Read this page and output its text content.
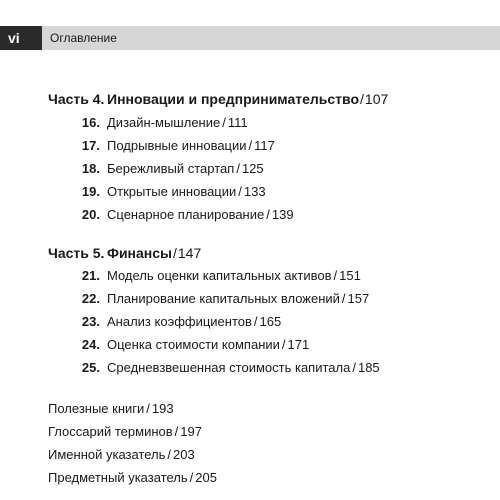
vi	Оглавление
Часть 4. Инновации и предпринимательство/107
16. Дизайн-мышление / 111
17. Подрывные инновации / 117
18. Бережливый стартап / 125
19. Открытые инновации / 133
20. Сценарное планирование / 139
Часть 5. Финансы/147
21. Модель оценки капитальных активов / 151
22. Планирование капитальных вложений / 157
23. Анализ коэффициентов / 165
24. Оценка стоимости компании / 171
25. Средневзвешенная стоимость капитала / 185
Полезные книги / 193
Глоссарий терминов / 197
Именной указатель / 203
Предметный указатель / 205
